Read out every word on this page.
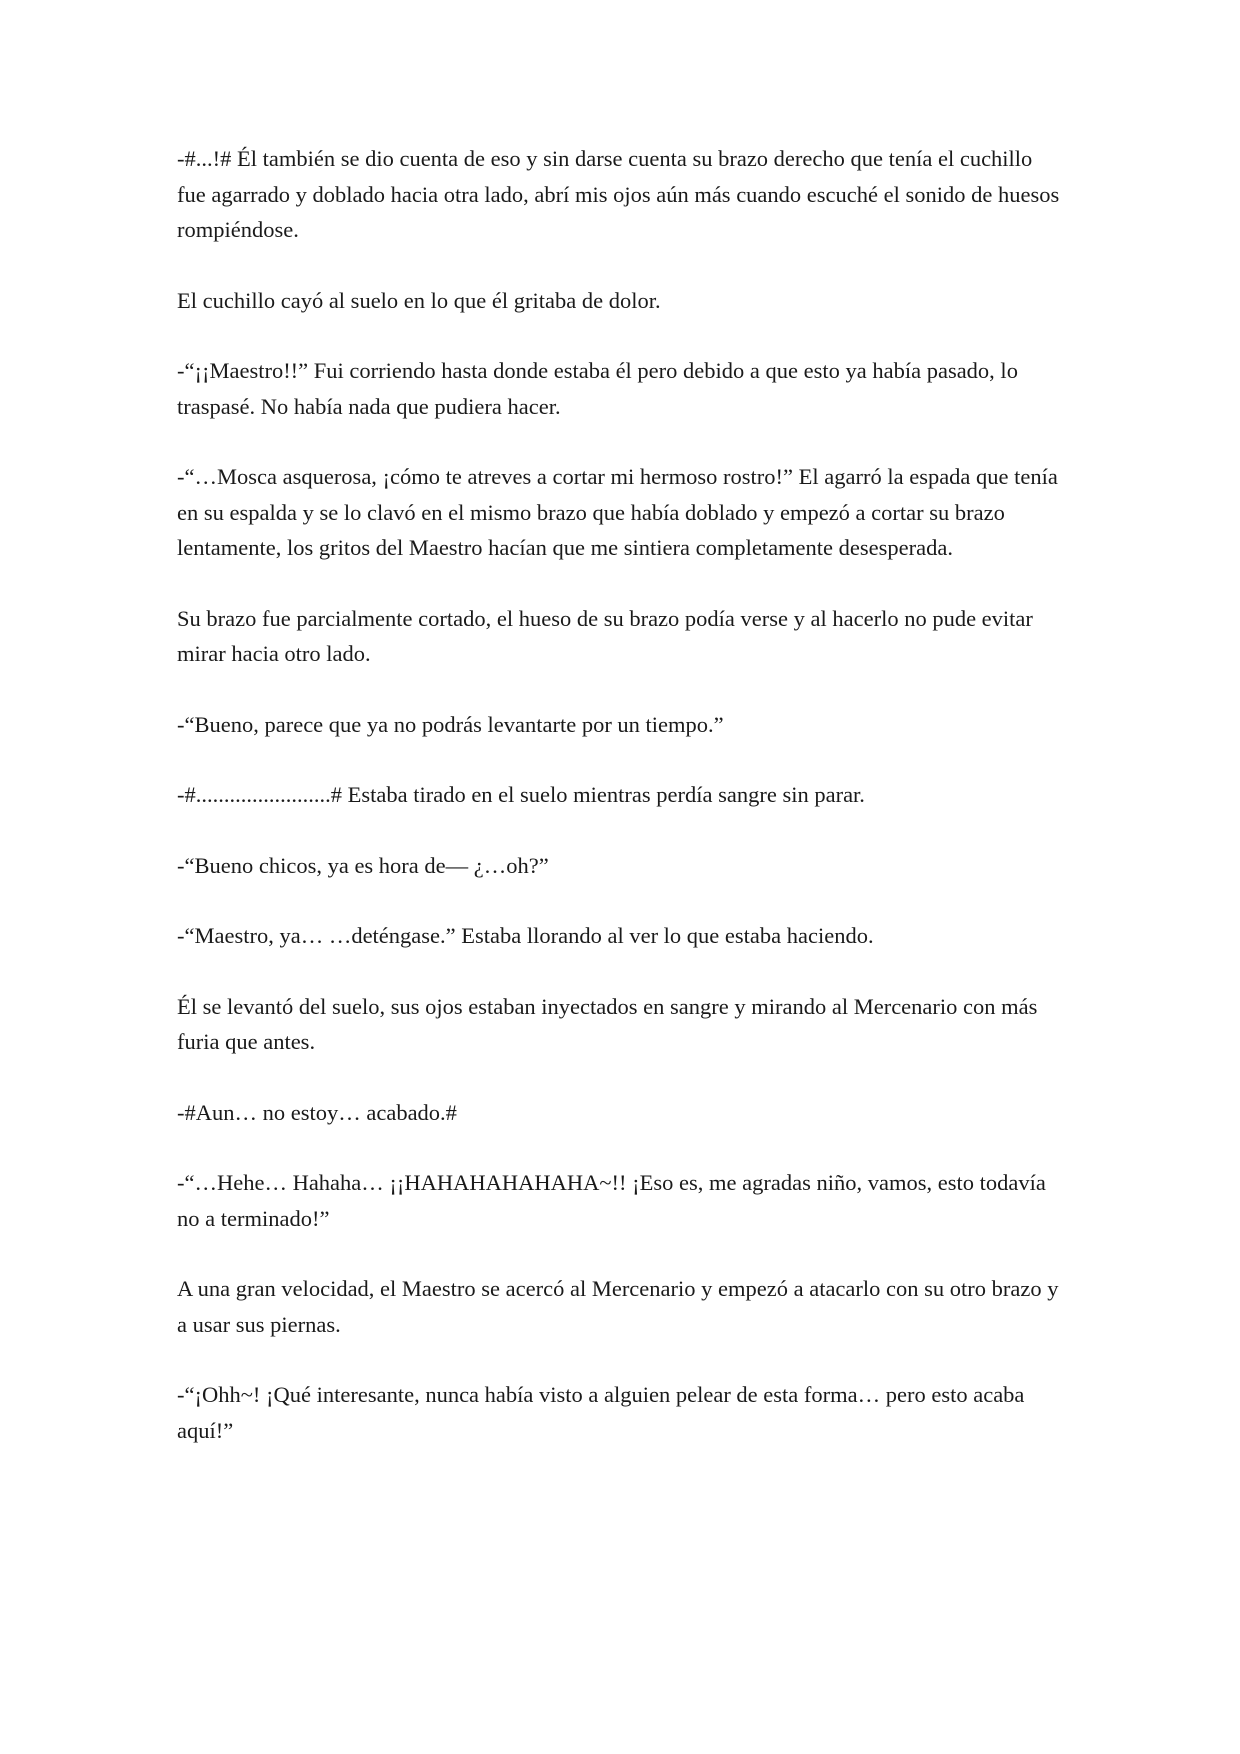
-#...!# Él también se dio cuenta de eso y sin darse cuenta su brazo derecho que tenía el cuchillo fue agarrado y doblado hacia otra lado, abrí mis ojos aún más cuando escuché el sonido de huesos rompiéndose.

El cuchillo cayó al suelo en lo que él gritaba de dolor.

-“¡¡Maestro!!” Fui corriendo hasta donde estaba él pero debido a que esto ya había pasado, lo traspasé. No había nada que pudiera hacer.

-“…Mosca asquerosa, ¡cómo te atreves a cortar mi hermoso rostro!” El agarró la espada que tenía en su espalda y se lo clavó en el mismo brazo que había doblado y empezó a cortar su brazo lentamente, los gritos del Maestro hacían que me sintiera completamente desesperada.

Su brazo fue parcialmente cortado, el hueso de su brazo podía verse y al hacerlo no pude evitar mirar hacia otro lado.

-“Bueno, parece que ya no podrás levantarte por un tiempo.”

-#........................# Estaba tirado en el suelo mientras perdía sangre sin parar.

-“Bueno chicos, ya es hora de— ¿…oh?”

-“Maestro, ya… …deténgase.” Estaba llorando al ver lo que estaba haciendo.

Él se levantó del suelo, sus ojos estaban inyectados en sangre y mirando al Mercenario con más furia que antes.

-#Aun… no estoy… acabado.#

-“…Hehe… Hahaha… ¡¡HAHAHAHAHAHA~!! ¡Eso es, me agradas niño, vamos, esto todavía no a terminado!”

A una gran velocidad, el Maestro se acercó al Mercenario y empezó a atacarlo con su otro brazo y a usar sus piernas.

-“¡Ohh~! ¡Qué interesante, nunca había visto a alguien pelear de esta forma… pero esto acaba aquí!”
